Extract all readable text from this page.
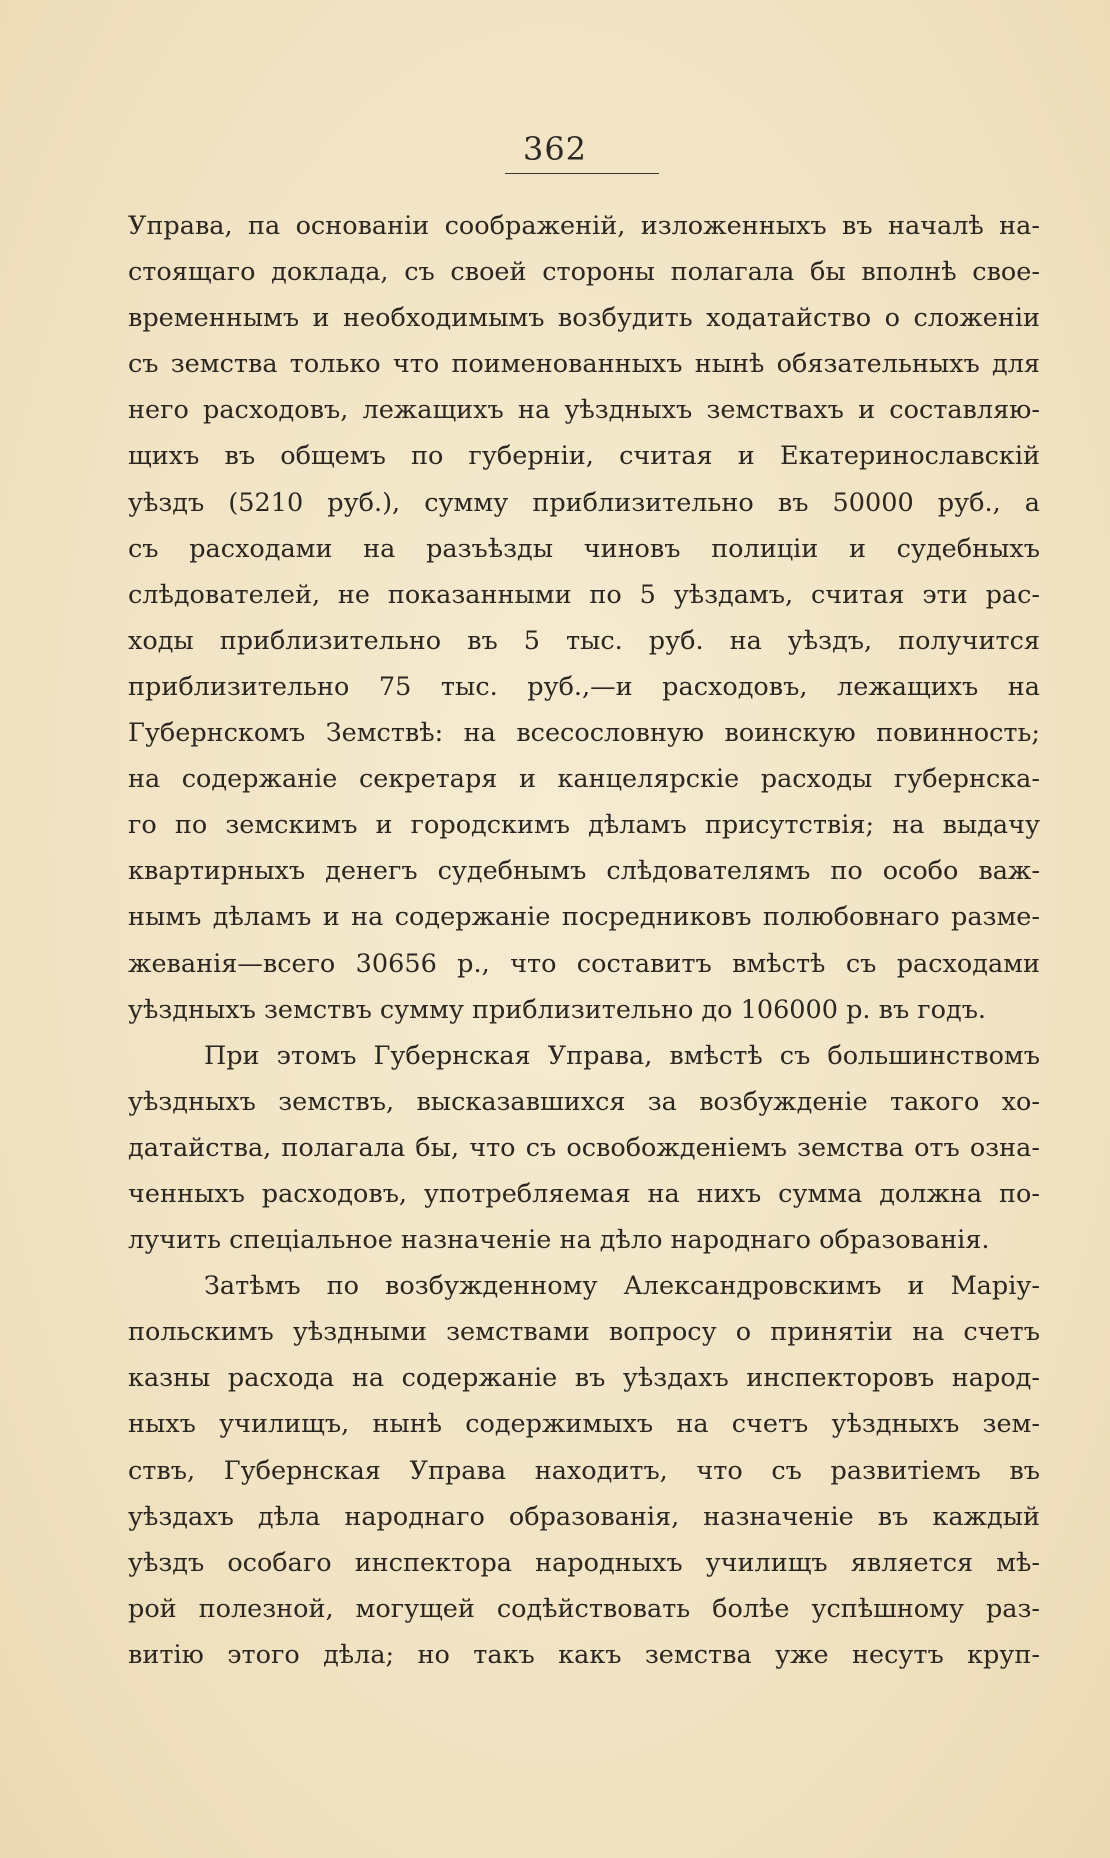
362
Управа, па основанiи соображенiй, изложенныхъ въ началѣ на-
стоящаго доклада, съ своей стороны полагала бы вполнѣ свое-
временнымъ и необходимымъ возбудить ходатайство о сложенiи
съ земства только что поименованныхъ нынѣ обязательныхъ для
него расходовъ, лежащихъ на уѣздныхъ земствахъ и составляю-
щихъ въ общемъ по губернiи, считая и Екатеринославскiй
уѣздъ (5210 руб.), сумму приблизительно въ 50000 руб., а
съ расходами на разъѣзды чиновъ полицiи и судебныхъ
слѣдователей, не показанными по 5 уѣздамъ, считая эти рас-
ходы приблизительно въ 5 тыс. руб. на уѣздъ, получится
приблизительно 75 тыс. руб.,—и расходовъ, лежащихъ на
Губернскомъ Земствѣ: на всесословную воинскую повинность;
на содержанiе секретаря и канцелярскiе расходы губернска-
го по земскимъ и городскимъ дѣламъ присутствiя; на выдачу
квартирныхъ денегъ судебнымъ слѣдователямъ по особо важ-
нымъ дѣламъ и на содержанiе посредниковъ полюбовнаго разме-
жеванiя—всего 30656 р., что составитъ вмѣстѣ съ расходами
уѣздныхъ земствъ сумму приблизительно до 106000 р. въ годъ.
При этомъ Губернская Управа, вмѣстѣ съ большинствомъ
уѣздныхъ земствъ, высказавшихся за возбужденiе такого хо-
датайства, полагала бы, что съ освобожденiемъ земства отъ озна-
ченныхъ расходовъ, употребляемая на нихъ сумма должна по-
лучить спецiальное назначенiе на дѣло народнаго образованiя.
Затѣмъ по возбужденному Александровскимъ и Марiу-
польскимъ уѣздными земствами вопросу о принятiи на счетъ
казны расхода на содержанiе въ уѣздахъ инспекторовъ народ-
ныхъ училищъ, нынѣ содержимыхъ на счетъ уѣздныхъ зем-
ствъ, Губернская Управа находитъ, что съ развитiемъ въ
уѣздахъ дѣла народнаго образованiя, назначенiе въ каждый
уѣздъ особаго инспектора народныхъ училищъ является мѣ-
рой полезной, могущей содѣйствовать болѣе успѣшному раз-
витiю этого дѣла; но такъ какъ земства уже несутъ круп-
